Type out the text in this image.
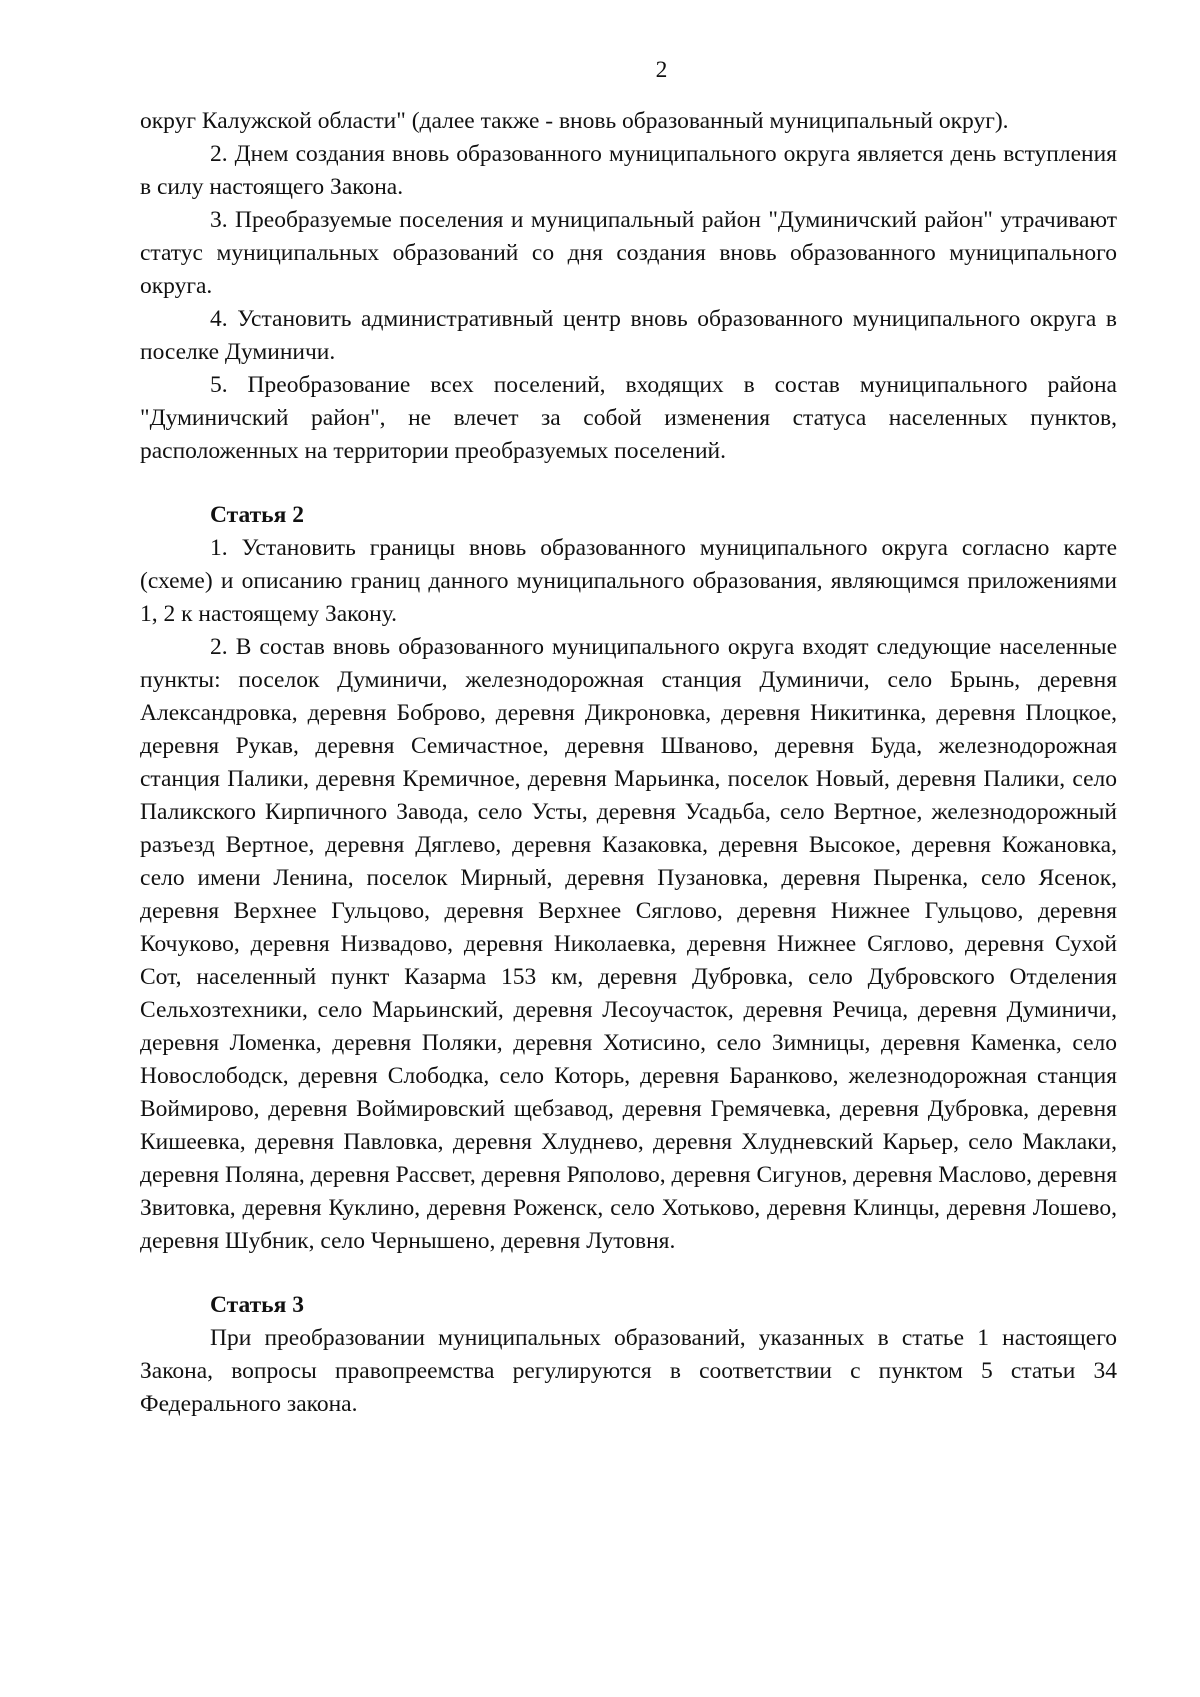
2

округ Калужской области" (далее также - вновь образованный муниципальный округ).

2. Днем создания вновь образованного муниципального округа является день вступления в силу настоящего Закона.

3. Преобразуемые поселения и муниципальный район "Думиничский район" утрачивают статус муниципальных образований со дня создания вновь образованного муниципального округа.

4. Установить административный центр вновь образованного муниципального округа в поселке Думиничи.

5. Преобразование всех поселений, входящих в состав муниципального района "Думиничский район", не влечет за собой изменения статуса населенных пунктов, расположенных на территории преобразуемых поселений.

Статья 2

1. Установить границы вновь образованного муниципального округа согласно карте (схеме) и описанию границ данного муниципального образования, являющимся приложениями 1, 2 к настоящему Закону.

2. В состав вновь образованного муниципального округа входят следующие населенные пункты: поселок Думиничи, железнодорожная станция Думиничи, село Брынь, деревня Александровка, деревня Боброво, деревня Дикроновка, деревня Никитинка, деревня Плоцкое, деревня Рукав, деревня Семичастное, деревня Шваново, деревня Буда, железнодорожная станция Палики, деревня Кремичное, деревня Марьинка, поселок Новый, деревня Палики, село Паликского Кирпичного Завода, село Усты, деревня Усадьба, село Вертное, железнодорожный разъезд Вертное, деревня Дяглево, деревня Казаковка, деревня Высокое, деревня Кожановка, село имени Ленина, поселок Мирный, деревня Пузановка, деревня Пыренка, село Ясенок, деревня Верхнее Гульцово, деревня Верхнее Сяглово, деревня Нижнее Гульцово, деревня Кочуково, деревня Низвадово, деревня Николаевка, деревня Нижнее Сяглово, деревня Сухой Сот, населенный пункт Казарма 153 км, деревня Дубровка, село Дубровского Отделения Сельхозтехники, село Марьинский, деревня Лесоучасток, деревня Речица, деревня Думиничи, деревня Ломенка, деревня Поляки, деревня Хотисино, село Зимницы, деревня Каменка, село Новослободск, деревня Слободка, село Которь, деревня Баранково, железнодорожная станция Воймирово, деревня Воймировский щебзавод, деревня Гремячевка, деревня Дубровка, деревня Кишеевка, деревня Павловка, деревня Хлуднево, деревня Хлудневский Карьер, село Маклаки, деревня Поляна, деревня Рассвет, деревня Ряполово, деревня Сигунов, деревня Маслово, деревня Звитовка, деревня Куклино, деревня Роженск, село Хотьково, деревня Клинцы, деревня Лошево, деревня Шубник, село Чернышено, деревня Лутовня.

Статья 3

При преобразовании муниципальных образований, указанных в статье 1 настоящего Закона, вопросы правопреемства регулируются в соответствии с пунктом 5 статьи 34 Федерального закона.
